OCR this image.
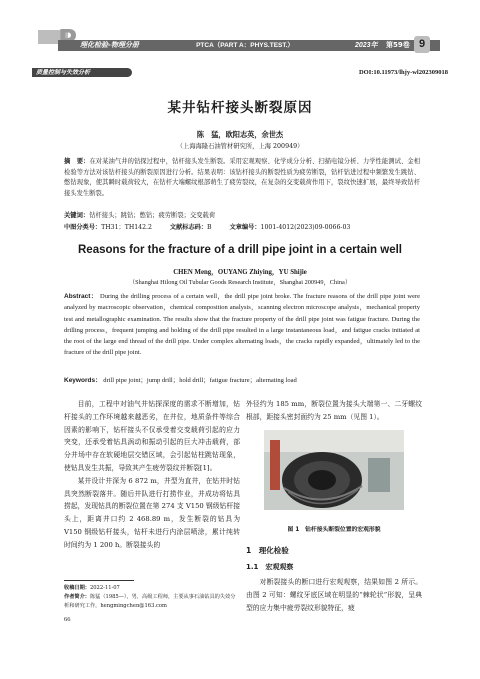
理化检验-物理分册	PTCA（PART A：PHYS.TEST.）	2023年 第59卷 9
质量控制与失效分析	DOI:10.11973/lhjy-wl202309018
某井钻杆接头断裂原因
陈　猛，欧阳志英，余世杰
（上海海隆石油管材研究所，上海 200949）
摘　要：在对某油气井的钻探过程中，钻杆接头发生断裂。采用宏观观察、化学成分分析、扫描电镜分析、力学性能测试、金相检验等方法对该钻杆接头的断裂原因进行分析。结果表明：该钻杆接头的断裂性质为疲劳断裂，钻杆钻进过程中频繁发生跳钻、憋钻现象，使其瞬时载荷较大，在钻杆大端螺纹根部萌生了疲劳裂纹，在复杂的交变载荷作用下，裂纹快速扩展，最终导致钻杆接头发生断裂。
关键词：钻杆接头；跳钻；憋钻；疲劳断裂；交变载荷
中图分类号：TH31；TH142.2	文献标志码：B	文章编号：1001-4012(2023)09-0066-03
Reasons for the fracture of a drill pipe joint in a certain well
CHEN Meng，OUYANG Zhiying，YU Shijie
（Shanghai Hilong Oil Tubular Goods Research Institute，Shanghai 200949，China）
Abstract： During the drilling process of a certain well，the drill pipe joint broke. The fracture reasons of the drill pipe joint were analyzed by macroscopic observation，chemical composition analysis，scanning electron microscope analysis，mechanical property test and metallographic examination. The results show that the fracture property of the drill pipe joint was fatigue fracture. During the drilling process，frequent jumping and holding of the drill pipe resulted in a large instantaneous load，and fatigue cracks initiated at the root of the large end thread of the drill pipe. Under complex alternating loads，the cracks rapidly expanded，ultimately led to the fracture of the drill pipe joint.
Keywords： drill pipe joint；jump drill；hold drill；fatigue fracture；alternating load

目前，工程中对油气井钻探深度的需求不断增加，钻杆接头的工作环境越来越恶劣，在井位，地质条件等综合因素的影响下，钻杆接头不仅承受着交变载荷引起的应力突变，还承受着钻具涡动和振动引起的巨大冲击载荷，部分井场中存在软硬地层交错区域，会引起钻柱跳钻现象，使钻具发生共振，导致其产生疲劳裂纹并断裂[1]。

某井设计井深为 6 872 m，井型为直井，在钻井时钻具突然断裂落井。随后井队进行打捞作业，并成功将钻具捞起，发现钻具的断裂位置在第 274 支 V150 钢级钻杆接头上，距离井口约 2 468.89 m，发生断裂的钻具为 V150 钢级钻杆接头，钻杆未进行内涂层喷涂，累计纯转时间约为 1 200 h。断裂接头的

外径约为 185 mm，断裂位置为接头大端第一、二牙螺纹根部，距接头密封面约为 25 mm（见图 1）。
图 1　钻杆接头断裂位置的宏观形貌
1　理化检验
1.1　宏观观察
对断裂接头的断口进行宏观观察，结果如图 2 所示。由图 2 可知：螺纹牙底区域在明显的“棘轮状”形貌，呈典型的应力集中疲劳裂纹形貌特征，疲
收稿日期：2022-11-07
作者简介：陈猛（1985—），男，高级工程师，主要从事石油钻具的失效分析和研究工作，hengmingchen@163.com
66
